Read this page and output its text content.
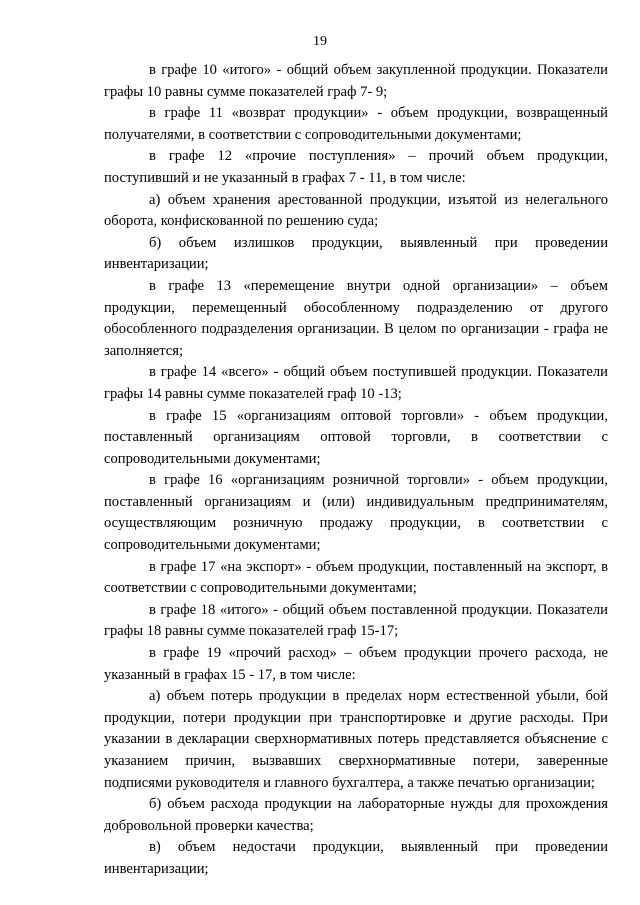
19

в графе 10 «итого» - общий объем закупленной продукции. Показатели графы 10 равны сумме показателей граф 7- 9;

в графе 11 «возврат продукции» - объем продукции, возвращенный получателями, в соответствии с сопроводительными документами;

в графе 12 «прочие поступления» – прочий объем продукции, поступивший и не указанный в графах 7 - 11, в том числе:

а) объем хранения арестованной продукции, изъятой из нелегального оборота, конфискованной по решению суда;

б) объем излишков продукции, выявленный при проведении инвентаризации;

в графе 13 «перемещение внутри одной организации» – объем продукции, перемещенный обособленному подразделению от другого обособленного подразделения организации. В целом по организации - графа не заполняется;

в графе 14 «всего» - общий объем поступившей продукции. Показатели графы 14 равны сумме показателей граф 10 -13;

в графе 15 «организациям оптовой торговли» - объем продукции, поставленный организациям оптовой торговли, в соответствии с сопроводительными документами;

в графе 16 «организациям розничной торговли» - объем продукции, поставленный организациям и (или) индивидуальным предпринимателям, осуществляющим розничную продажу продукции, в соответствии с сопроводительными документами;

в графе 17 «на экспорт» - объем продукции, поставленный на экспорт, в соответствии с сопроводительными документами;

в графе 18 «итого» - общий объем поставленной продукции. Показатели графы 18 равны сумме показателей граф 15-17;

в графе 19 «прочий расход» – объем продукции прочего расхода, не указанный в графах 15 - 17, в том числе:

а) объем потерь продукции в пределах норм естественной убыли, бой продукции, потери продукции при транспортировке и другие расходы. При указании в декларации сверхнормативных потерь представляется объяснение с указанием причин, вызвавших сверхнормативные потери, заверенные подписями руководителя и главного бухгалтера, а также печатью организации;

б) объем расхода продукции на лабораторные нужды для прохождения добровольной проверки качества;

в) объем недостачи продукции, выявленный при проведении инвентаризации;
